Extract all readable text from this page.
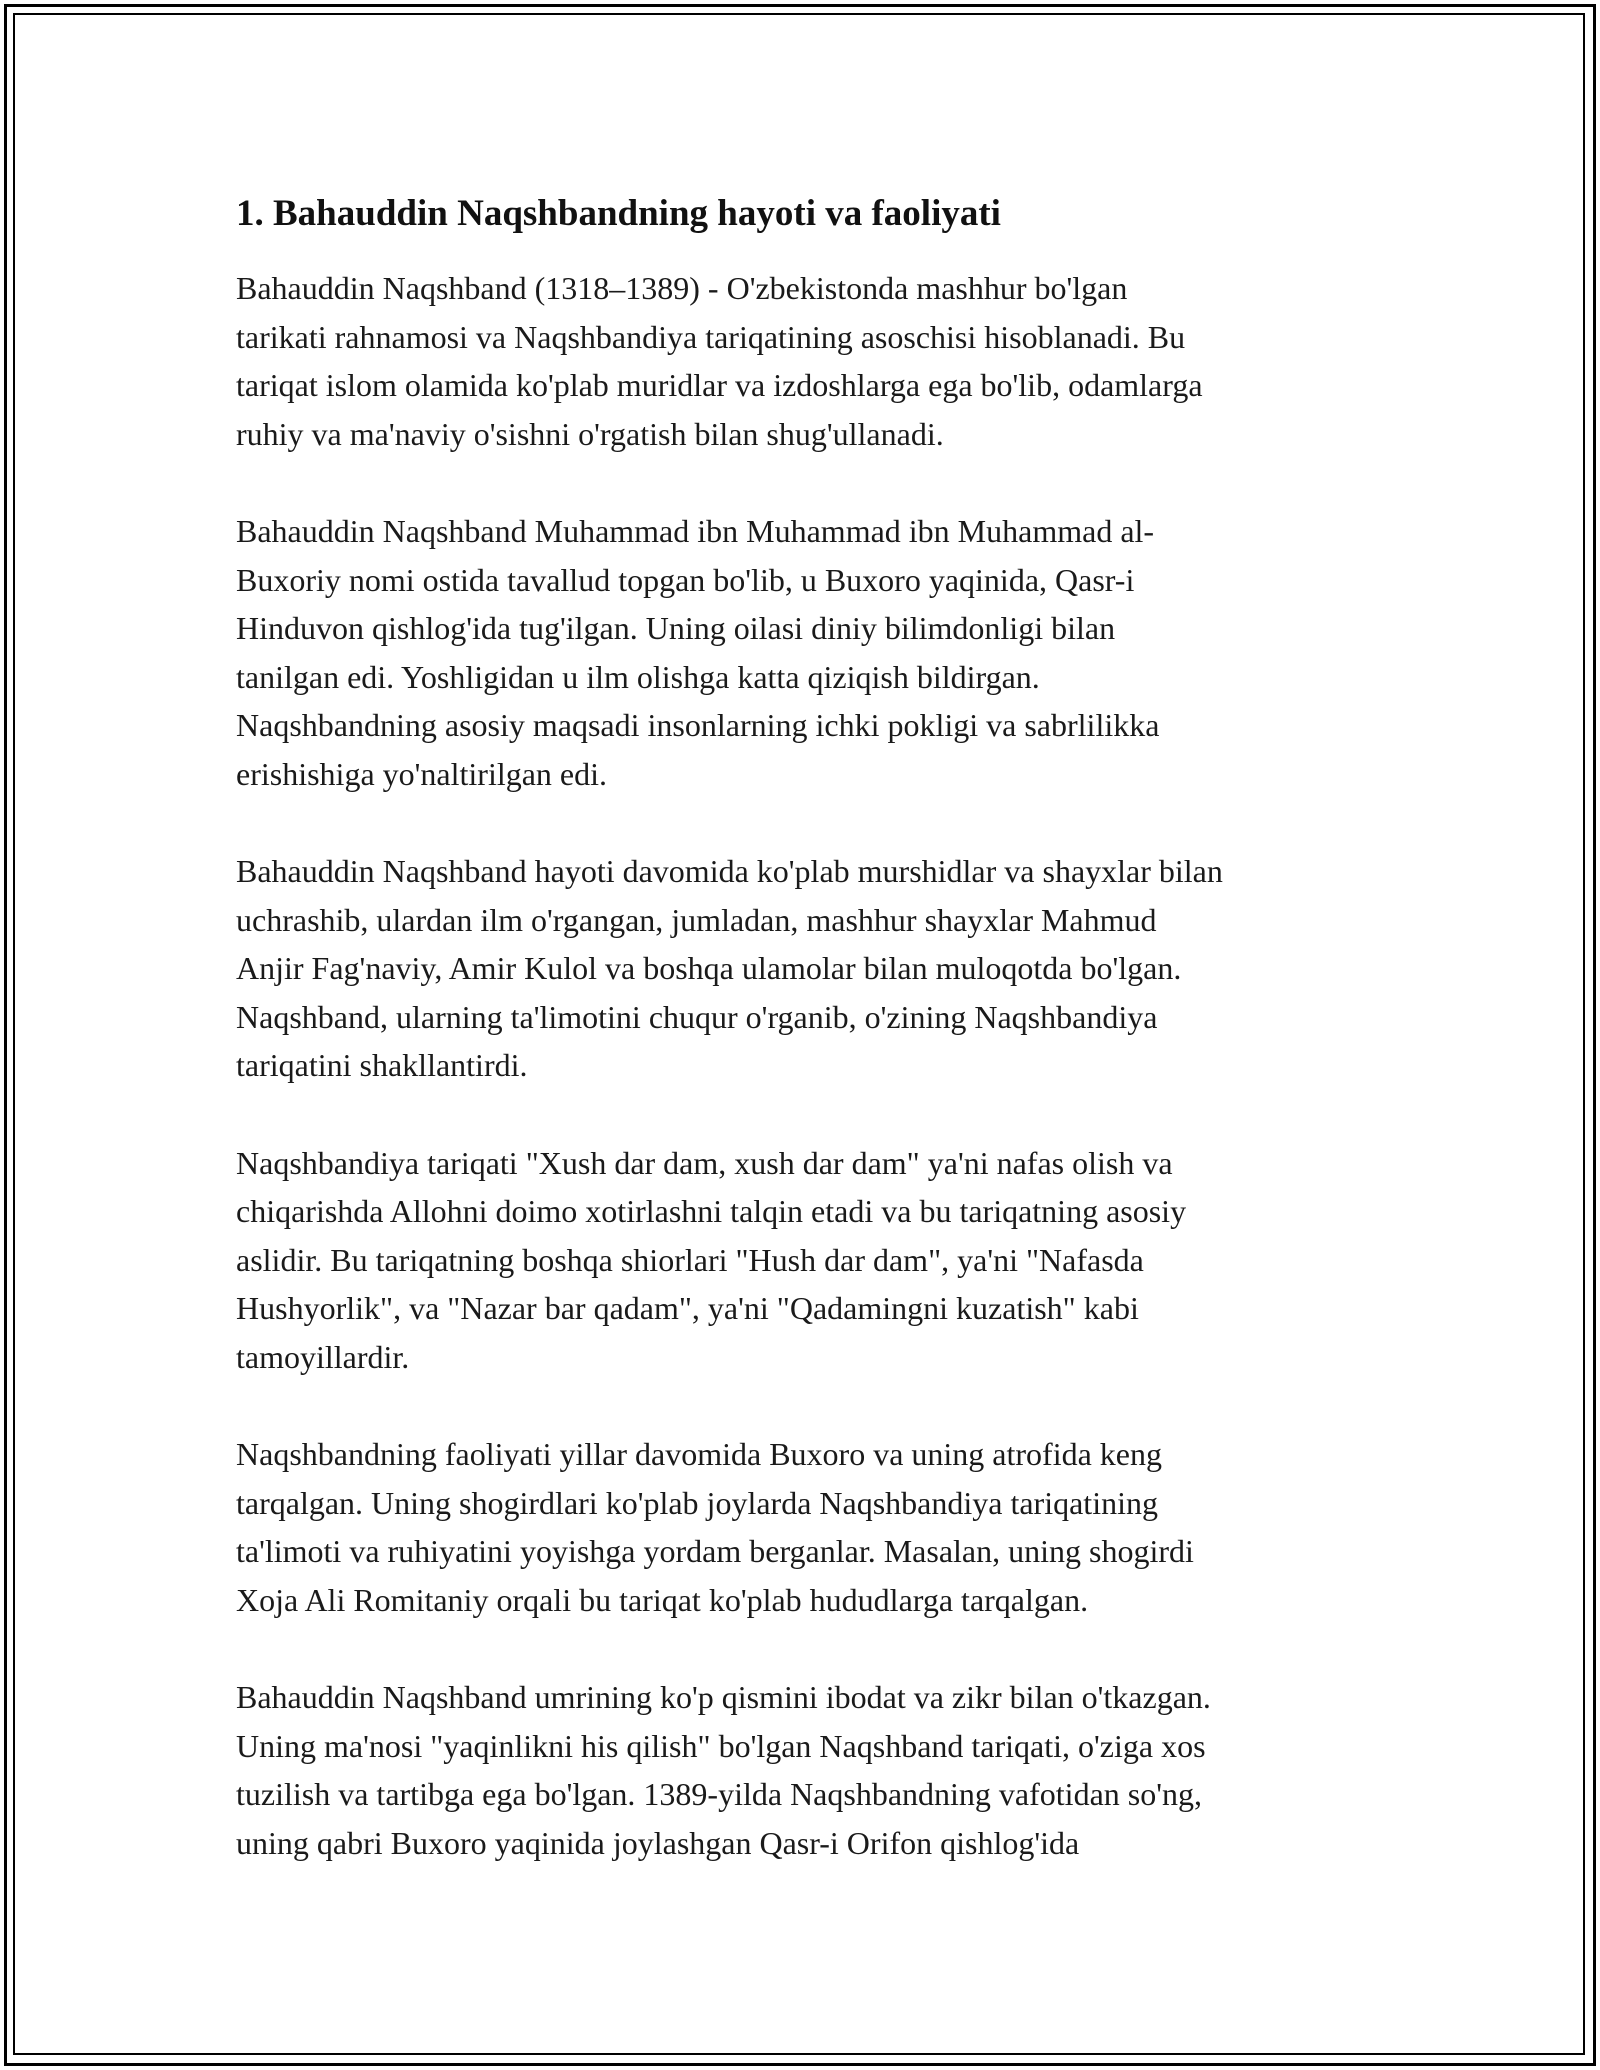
1. Bahauddin Naqshbandning hayoti va faoliyati

Bahauddin Naqshband (1318–1389) - O'zbekistonda mashhur bo'lgan
tarikati rahnamosi va Naqshbandiya tariqatining asoschisi hisoblanadi. Bu
tariqat islom olamida ko'plab muridlar va izdoshlarga ega bo'lib, odamlarga
ruhiy va ma'naviy o'sishni o'rgatish bilan shug'ullanadi.

Bahauddin Naqshband Muhammad ibn Muhammad ibn Muhammad al-
Buxoriy nomi ostida tavallud topgan bo'lib, u Buxoro yaqinida, Qasr-i
Hinduvon qishlog'ida tug'ilgan. Uning oilasi diniy bilimdonligi bilan
tanilgan edi. Yoshligidan u ilm olishga katta qiziqish bildirgan.
Naqshbandning asosiy maqsadi insonlarning ichki pokligi va sabrlilikka
erishishiga yo'naltirilgan edi.

Bahauddin Naqshband hayoti davomida ko'plab murshidlar va shayxlar bilan
uchrashib, ulardan ilm o'rgangan, jumladan, mashhur shayxlar Mahmud
Anjir Fag'naviy, Amir Kulol va boshqa ulamolar bilan muloqotda bo'lgan.
Naqshband, ularning ta'limotini chuqur o'rganib, o'zining Naqshbandiya
tariqatini shakllantirdi.

Naqshbandiya tariqati "Xush dar dam, xush dar dam" ya'ni nafas olish va
chiqarishda Allohni doimo xotirlashni talqin etadi va bu tariqatning asosiy
aslidir. Bu tariqatning boshqa shiorlari "Hush dar dam", ya'ni "Nafasda
Hushyorlik", va "Nazar bar qadam", ya'ni "Qadamingni kuzatish" kabi
tamoyillardir.

Naqshbandning faoliyati yillar davomida Buxoro va uning atrofida keng
tarqalgan. Uning shogirdlari ko'plab joylarda Naqshbandiya tariqatining
ta'limoti va ruhiyatini yoyishga yordam berganlar. Masalan, uning shogirdi
Xoja Ali Romitaniy orqali bu tariqat ko'plab hududlarga tarqalgan.

Bahauddin Naqshband umrining ko'p qismini ibodat va zikr bilan o'tkazgan.
Uning ma'nosi "yaqinlikni his qilish" bo'lgan Naqshband tariqati, o'ziga xos
tuzilish va tartibga ega bo'lgan. 1389-yilda Naqshbandning vafotidan so'ng,
uning qabri Buxoro yaqinida joylashgan Qasr-i Orifon qishlog'ida
